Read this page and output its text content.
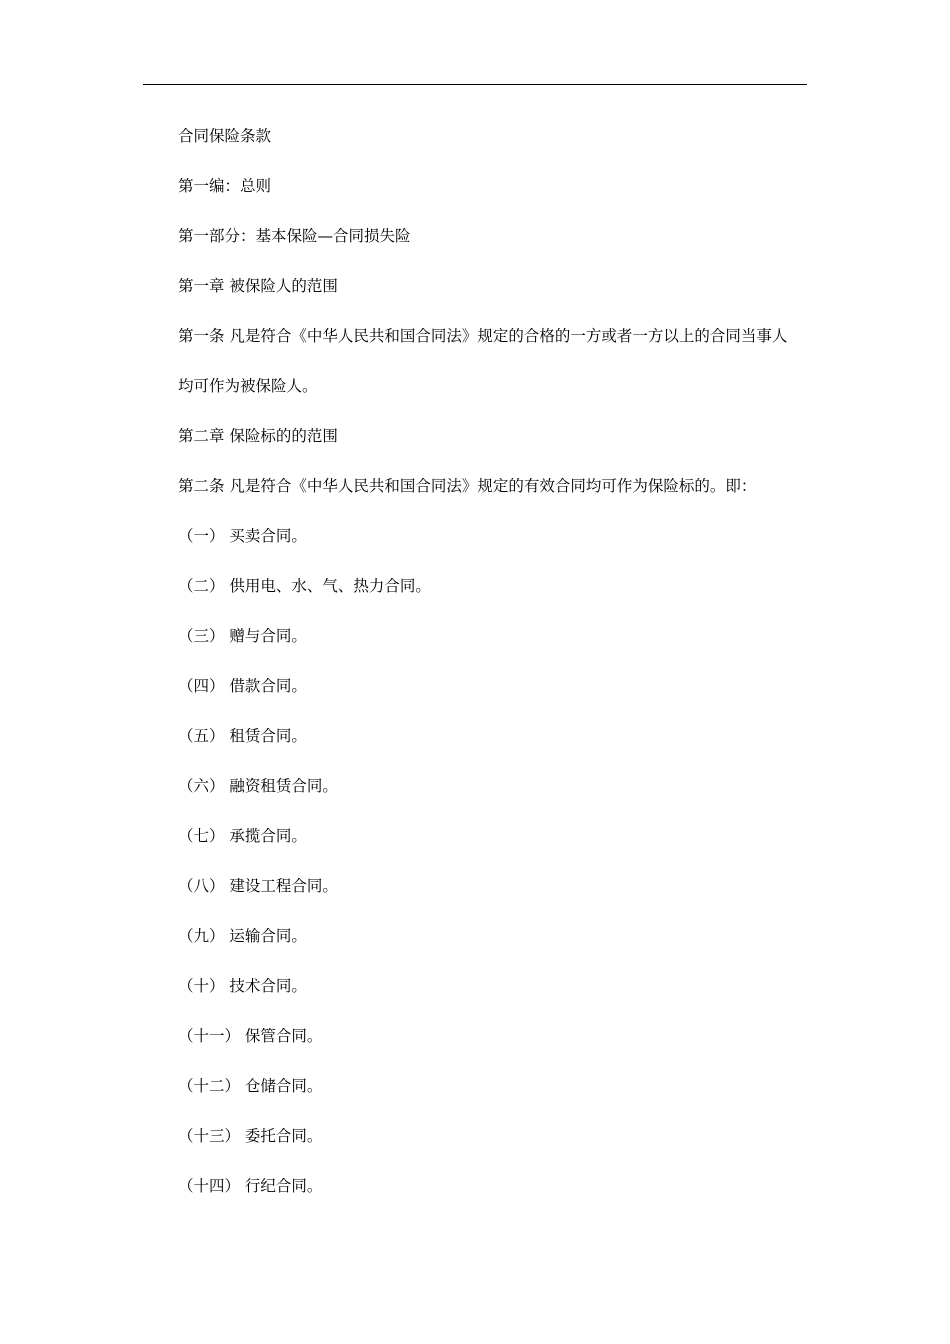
合同保险条款

第一编：总则

第一部分：基本保险—合同损失险

第一章 被保险人的范围

第一条 凡是符合《中华人民共和国合同法》规定的合格的一方或者一方以上的合同当事人

均可作为被保险人。

第二章 保险标的的范围

第二条 凡是符合《中华人民共和国合同法》规定的有效合同均可作为保险标的。即：

（一） 买卖合同。

（二） 供用电、水、气、热力合同。

（三） 赠与合同。

（四） 借款合同。

（五） 租赁合同。

（六） 融资租赁合同。

（七） 承揽合同。

（八） 建设工程合同。

（九） 运输合同。

（十） 技术合同。

（十一） 保管合同。

（十二） 仓储合同。

（十三） 委托合同。

（十四） 行纪合同。
